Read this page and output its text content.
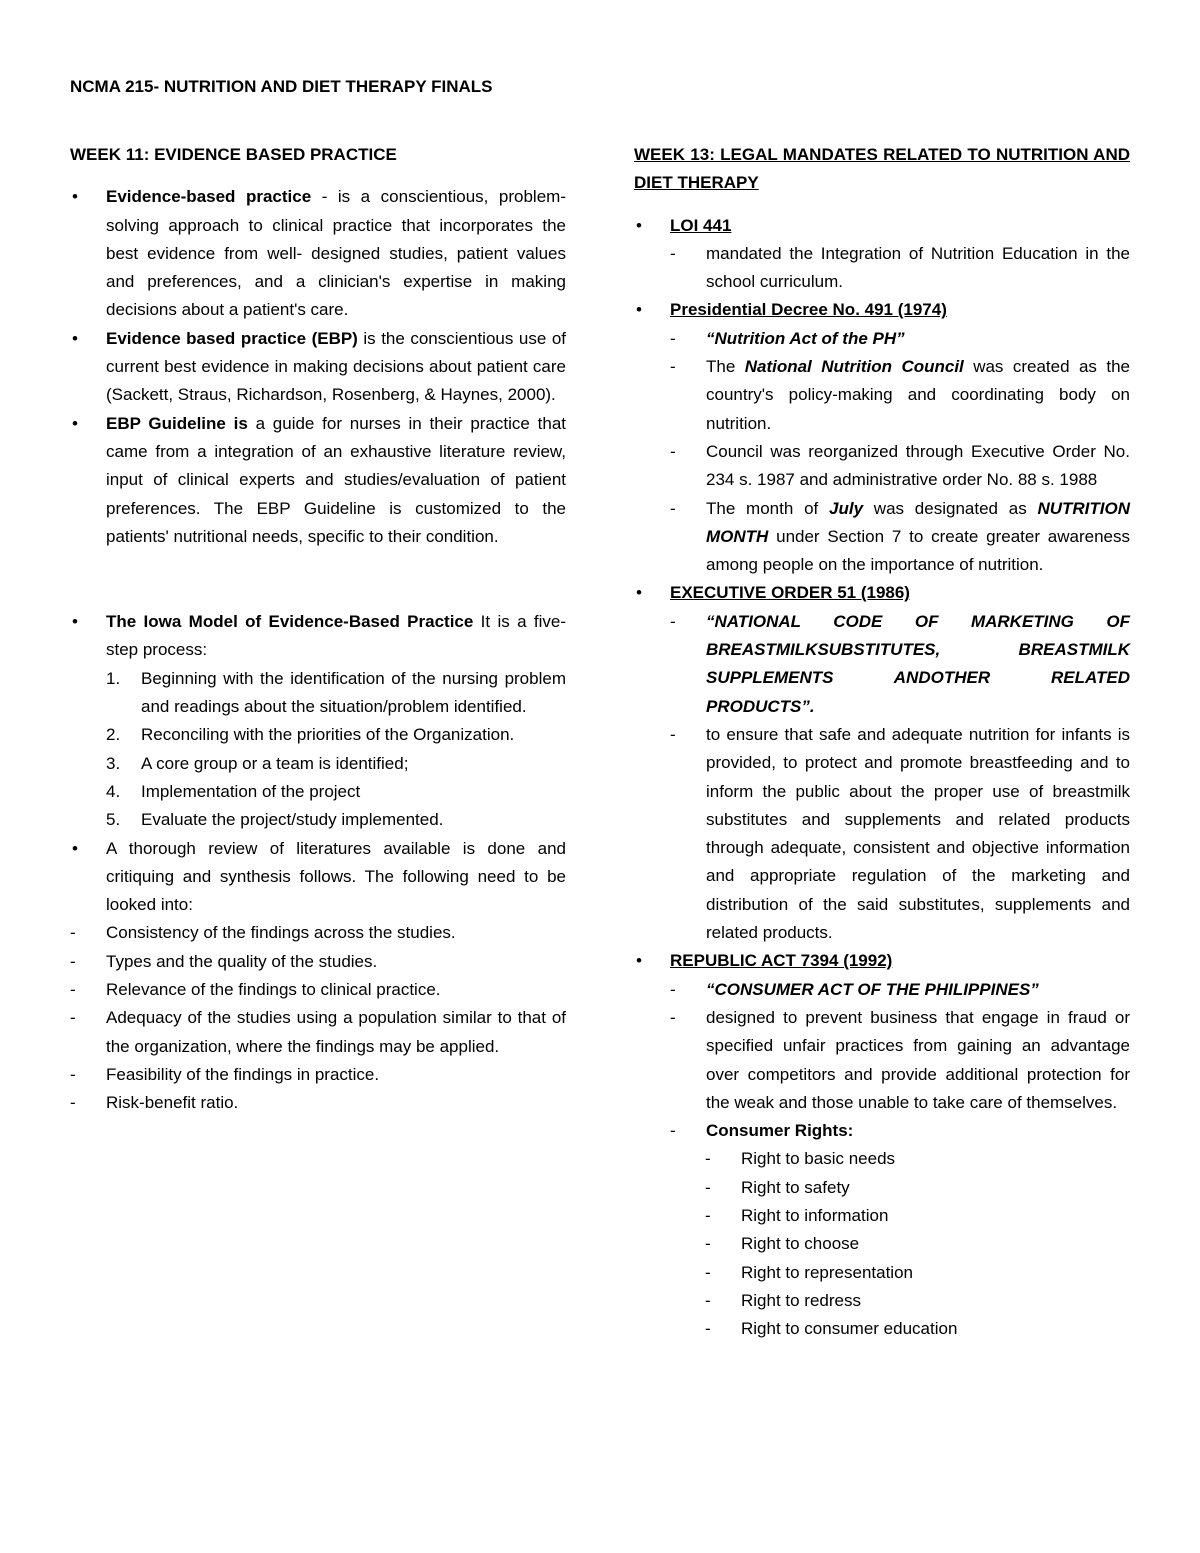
NCMA 215- NUTRITION AND DIET THERAPY FINALS
WEEK 11: EVIDENCE BASED PRACTICE
• Evidence-based practice - is a conscientious, problem-solving approach to clinical practice that incorporates the best evidence from well- designed studies, patient values and preferences, and a clinician's expertise in making decisions about a patient's care.
• Evidence based practice (EBP) is the conscientious use of current best evidence in making decisions about patient care (Sackett, Straus, Richardson, Rosenberg, & Haynes, 2000).
• EBP Guideline is a guide for nurses in their practice that came from a integration of an exhaustive literature review, input of clinical experts and studies/evaluation of patient preferences. The EBP Guideline is customized to the patients' nutritional needs, specific to their condition.
• The Iowa Model of Evidence-Based Practice It is a five-step process:
1. Beginning with the identification of the nursing problem and readings about the situation/problem identified.
2. Reconciling with the priorities of the Organization.
3. A core group or a team is identified;
4. Implementation of the project
5. Evaluate the project/study implemented.
• A thorough review of literatures available is done and critiquing and synthesis follows. The following need to be looked into:
- Consistency of the findings across the studies.
- Types and the quality of the studies.
- Relevance of the findings to clinical practice.
- Adequacy of the studies using a population similar to that of the organization, where the findings may be applied.
- Feasibility of the findings in practice.
- Risk-benefit ratio.
WEEK 13: LEGAL MANDATES RELATED TO NUTRITION AND DIET THERAPY
• LOI 441
- mandated the Integration of Nutrition Education in the school curriculum.
• Presidential Decree No. 491 (1974)
- “Nutrition Act of the PH”
- The National Nutrition Council was created as the country's policy-making and coordinating body on nutrition.
- Council was reorganized through Executive Order No. 234 s. 1987 and administrative order No. 88 s. 1988
- The month of July was designated as NUTRITION MONTH under Section 7 to create greater awareness among people on the importance of nutrition.
• EXECUTIVE ORDER 51 (1986)
- “NATIONAL CODE OF MARKETING OF BREASTMILKSUBSTITUTES, BREASTMILK SUPPLEMENTS ANDOTHER RELATED PRODUCTS”.
- to ensure that safe and adequate nutrition for infants is provided, to protect and promote breastfeeding and to inform the public about the proper use of breastmilk substitutes and supplements and related products through adequate, consistent and objective information and appropriate regulation of the marketing and distribution of the said substitutes, supplements and related products.
• REPUBLIC ACT 7394 (1992)
- “CONSUMER ACT OF THE PHILIPPINES”
- designed to prevent business that engage in fraud or specified unfair practices from gaining an advantage over competitors and provide additional protection for the weak and those unable to take care of themselves.
- Consumer Rights:
- Right to basic needs
- Right to safety
- Right to information
- Right to choose
- Right to representation
- Right to redress
- Right to consumer education
